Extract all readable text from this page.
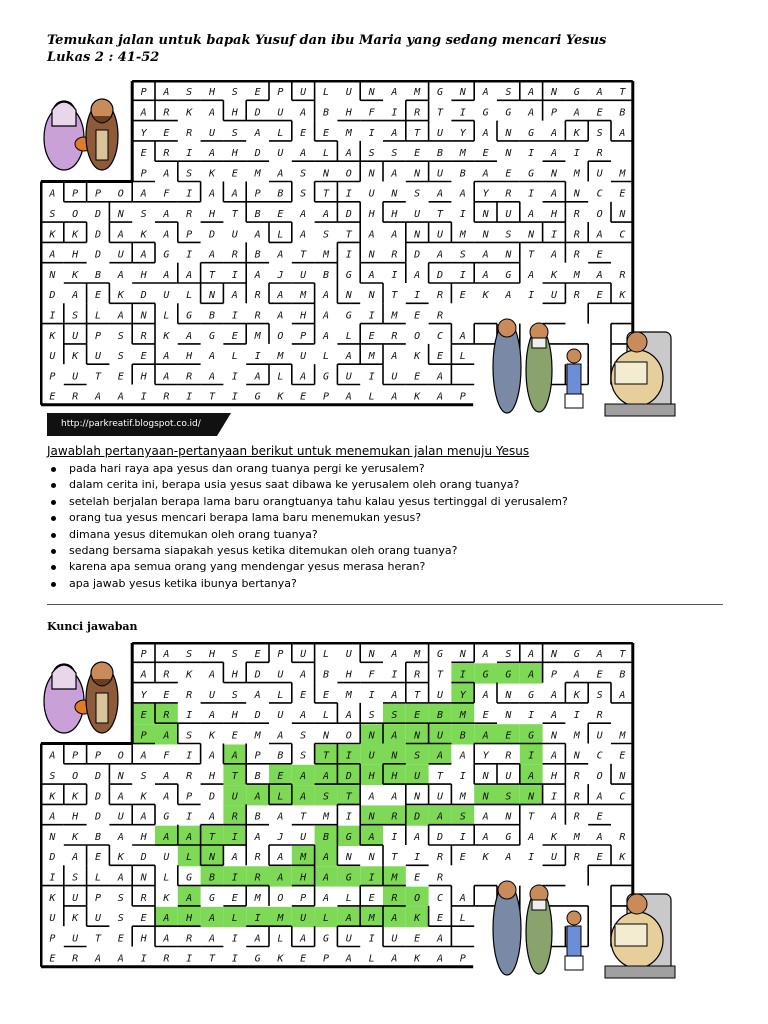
Temukan jalan untuk bapak Yusuf dan ibu Maria yang sedang mencari Yesus
Lukas 2 : 41-52
P A S H S E P U L U N A M G N A S A N G A T
A R K A H D U A B H F I R T I G G A P A E B
Y E R U S A L E E M I A T U Y A N G A K S A
E R I A H D U A L A S S E B M E N I A I R
P A S K E M A S N O N A N U B A E G N M U M
A P P O A F I A A P B S T I U N S A A Y R I A N C E
S O D N S A R H T B E A A D H H U T I N U A H R O N
K K D A K A P D U A L A S T A A N U M N S N I R A C
A H D U A G I A R B A T M I N R D A S A N T A R E
N K B A H A A T I A J U B G A I A D I A G A K M A R
D A E K D U L N A R A M A N N T I R E K A I U R E K
I S L A N L G B I R A H A G I M E R
K U P S R K A G E M O P A L E R O C A
U K U S E A H A L I M U L A M A K E L
P U T E H A R A I A L A G U I U E A
E R A A I R I T I G K E P A L A K A P
http://parkreatif.blogspot.co.id/
Jawablah pertanyaan-pertanyaan berikut untuk menemukan jalan menuju Yesus
pada hari raya apa yesus dan orang tuanya pergi ke yerusalem?
dalam cerita ini, berapa usia yesus saat dibawa ke yerusalem oleh orang tuanya?
setelah berjalan berapa lama baru orangtuanya tahu kalau yesus tertinggal di yerusalem?
orang tua yesus mencari berapa lama baru menemukan yesus?
dimana yesus ditemukan oleh orang tuanya?
sedang bersama siapakah yesus ketika ditemukan oleh orang tuanya?
karena apa semua orang yang mendengar yesus merasa heran?
apa jawab yesus ketika ibunya bertanya?
Kunci jawaban
P A S H S E P U L U N A M G N A S A N G A T
A R K A H D U A B H F I R T I G G A P A E B
Y E R U S A L E E M I A T U Y A N G A K S A
E R I A H D U A L A S S E B M E N I A I R
P A S K E M A S N O N A N U B A E G N M U M
A P P O A F I A A P B S T I U N S A A Y R I A N C E
S O D N S A R H T B E A A D H H U T I N U A H R O N
K K D A K A P D U A L A S T A A N U M N S N I R A C
A H D U A G I A R B A T M I N R D A S A N T A R E
N K B A H A A T I A J U B G A I A D I A G A K M A R
D A E K D U L N A R A M A N N T I R E K A I U R E K
I S L A N L G B I R A H A G I M E R
K U P S R K A G E M O P A L E R O C A
U K U S E A H A L I M U L A M A K E L
P U T E H A R A I A L A G U I U E A
E R A A I R I T I G K E P A L A K A P
